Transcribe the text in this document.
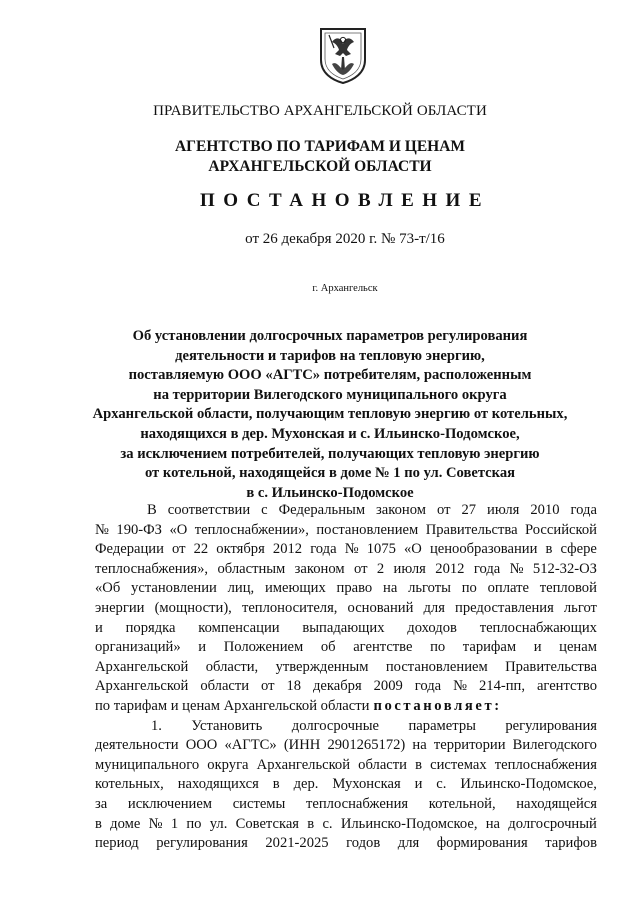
ПРАВИТЕЛЬСТВО АРХАНГЕЛЬСКОЙ ОБЛАСТИ
АГЕНТСТВО ПО ТАРИФАМ И ЦЕНАМ
АРХАНГЕЛЬСКОЙ ОБЛАСТИ
ПОСТАНОВЛЕНИЕ
от 26 декабря 2020 г. № 73-т/16
г. Архангельск
Об установлении долгосрочных параметров регулирования
деятельности и тарифов на тепловую энергию,
поставляемую ООО «АГТС» потребителям, расположенным
на территории Вилегодского муниципального округа
Архангельской области, получающим тепловую энергию от котельных,
находящихся в дер. Мухонская и с. Ильинско-Подомское,
за исключением потребителей, получающих тепловую энергию
от котельной, находящейся в доме № 1 по ул. Советская
в с. Ильинско-Подомское
В соответствии с Федеральным законом от 27 июля 2010 года
№ 190-ФЗ «О теплоснабжении», постановлением Правительства Российской
Федерации от 22 октября 2012 года № 1075 «О ценообразовании в сфере
теплоснабжения», областным законом от 2 июля 2012 года № 512-32-ОЗ
«Об установлении лиц, имеющих право на льготы по оплате тепловой
энергии (мощности), теплоносителя, оснований для предоставления льгот
и порядка компенсации выпадающих доходов теплоснабжающих
организаций» и Положением об агентстве по тарифам и ценам
Архангельской области, утвержденным постановлением Правительства
Архангельской области от 18 декабря 2009 года № 214-пп, агентство
по тарифам и ценам Архангельской области постановляет:
1. Установить долгосрочные параметры регулирования
деятельности ООО «АГТС» (ИНН 2901265172) на территории Вилегодского
муниципального округа Архангельской области в системах теплоснабжения
котельных, находящихся в дер. Мухонская и с. Ильинско-Подомское,
за исключением системы теплоснабжения котельной, находящейся
в доме № 1 по ул. Советская в с. Ильинско-Подомское, на долгосрочный
период регулирования 2021-2025 годов для формирования тарифов
